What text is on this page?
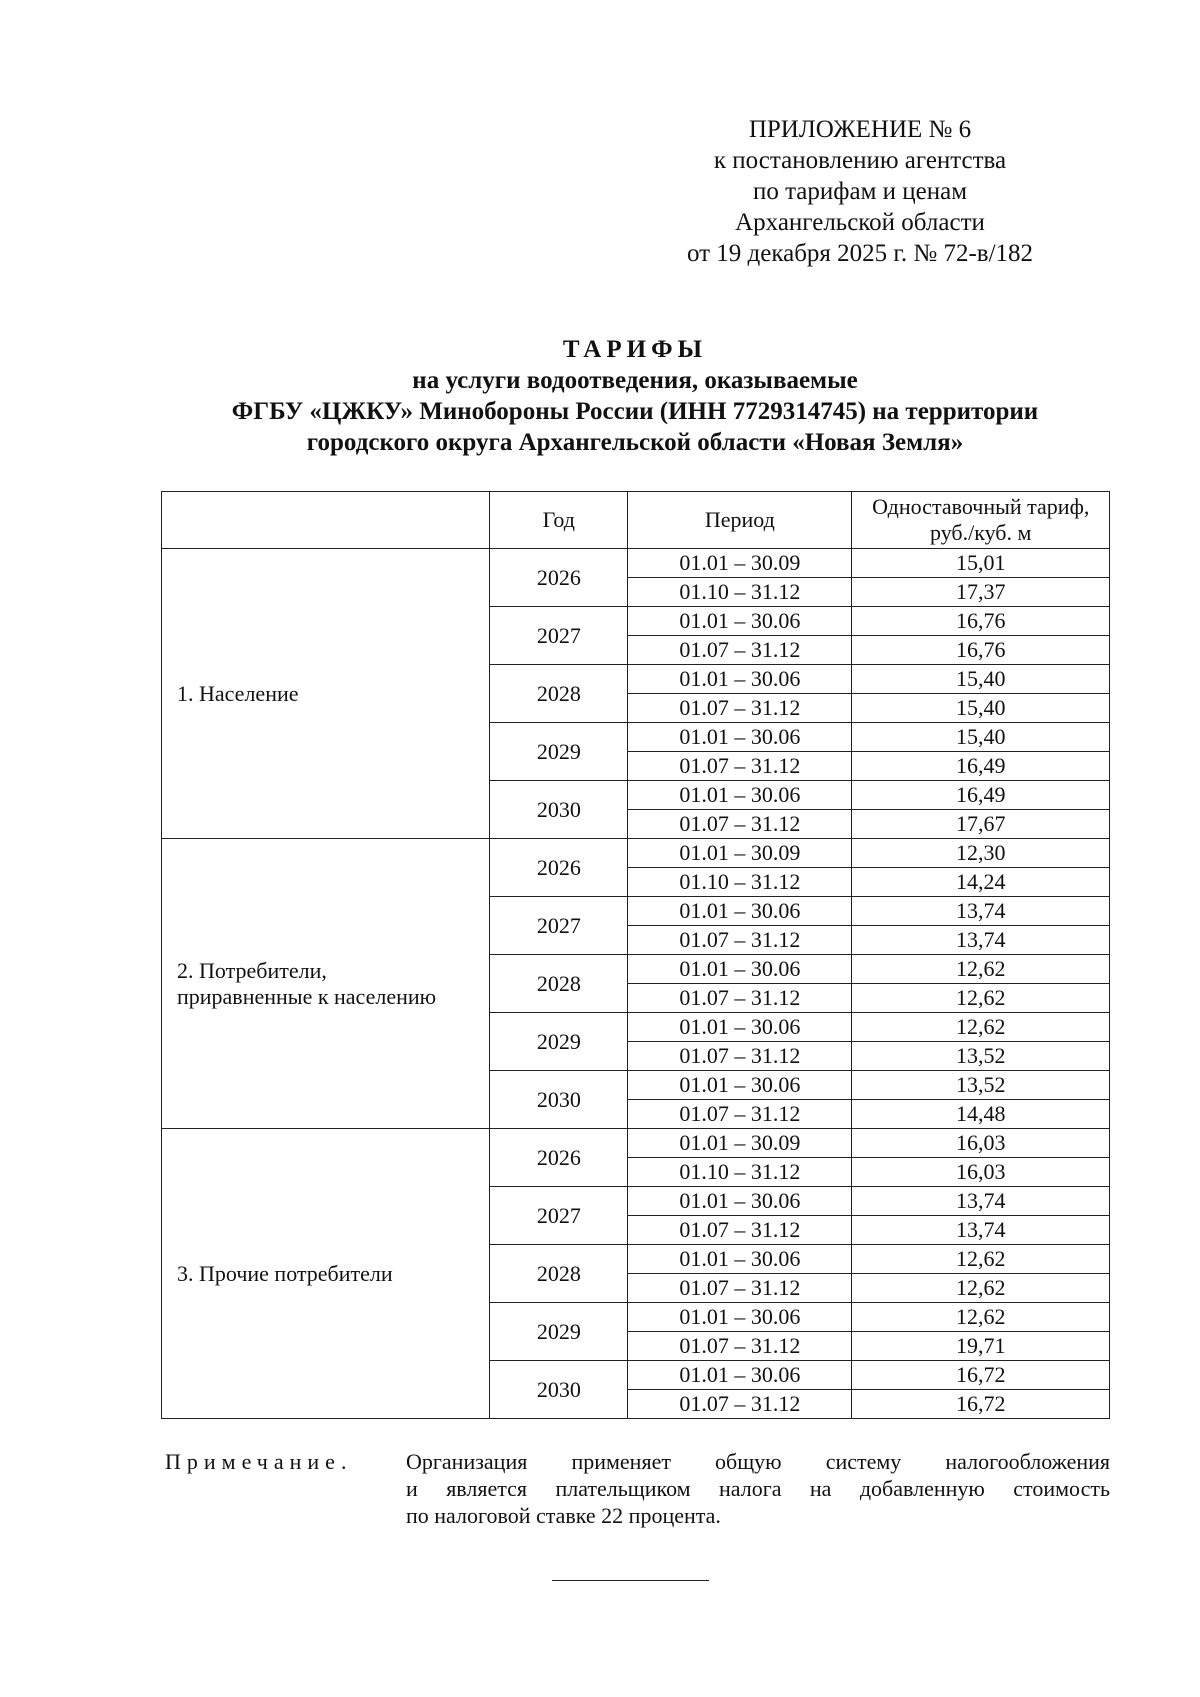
ПРИЛОЖЕНИЕ № 6
к постановлению агентства
по тарифам и ценам
Архангельской области
от 19 декабря 2025 г. № 72-в/182
ТАРИФЫ
на услуги водоотведения, оказываемые
ФГБУ «ЦЖКУ» Минобороны России (ИНН 7729314745) на территории
городского округа Архангельской области «Новая Земля»
	Год	Период	Одноставочный тариф,
руб./куб. м

1. Население	2026	01.01 – 30.09	15,01
		01.10 – 31.12	17,37
	2027	01.01 – 30.06	16,76
		01.07 – 31.12	16,76
	2028	01.01 – 30.06	15,40
		01.07 – 31.12	15,40
	2029	01.01 – 30.06	15,40
		01.07 – 31.12	16,49
	2030	01.01 – 30.06	16,49
		01.07 – 31.12	17,67

2. Потребители,
приравненные к населению	2026	01.01 – 30.09	12,30
		01.10 – 31.12	14,24
	2027	01.01 – 30.06	13,74
		01.07 – 31.12	13,74
	2028	01.01 – 30.06	12,62
		01.07 – 31.12	12,62
	2029	01.01 – 30.06	12,62
		01.07 – 31.12	13,52
	2030	01.01 – 30.06	13,52
		01.07 – 31.12	14,48

3. Прочие потребители	2026	01.01 – 30.09	16,03
		01.10 – 31.12	16,03
	2027	01.01 – 30.06	13,74
		01.07 – 31.12	13,74
	2028	01.01 – 30.06	12,62
		01.07 – 31.12	12,62
	2029	01.01 – 30.06	12,62
		01.07 – 31.12	19,71
	2030	01.01 – 30.06	16,72
		01.07 – 31.12	16,72
Примечание. Организация применяет общую систему налогообложения
и является плательщиком налога на добавленную стоимость
по налоговой ставке 22 процента.
